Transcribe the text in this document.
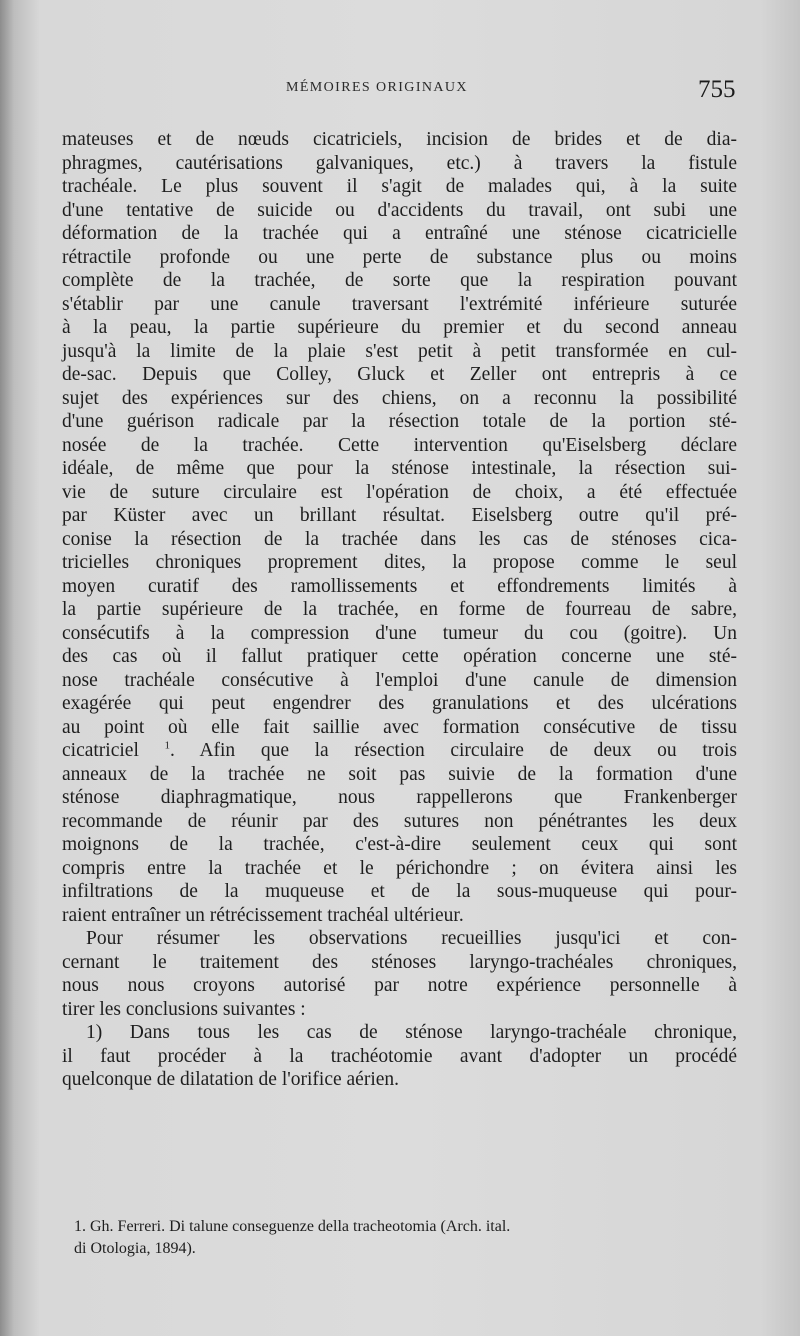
MÉMOIRES ORIGINAUX	755
mateuses et de nœuds cicatriciels, incision de brides et de dia-
phragmes, cautérisations galvaniques, etc.) à travers la fistule
trachéale. Le plus souvent il s'agit de malades qui, à la suite
d'une tentative de suicide ou d'accidents du travail, ont subi une
déformation de la trachée qui a entraîné une sténose cicatricielle
rétractile profonde ou une perte de substance plus ou moins
complète de la trachée, de sorte que la respiration pouvant
s'établir par une canule traversant l'extrémité inférieure suturée
à la peau, la partie supérieure du premier et du second anneau
jusqu'à la limite de la plaie s'est petit à petit transformée en cul-
de-sac. Depuis que Colley, Gluck et Zeller ont entrepris à ce
sujet des expériences sur des chiens, on a reconnu la possibilité
d'une guérison radicale par la résection totale de la portion sté-
nosée de la trachée. Cette intervention qu'Eiselsberg déclare
idéale, de même que pour la sténose intestinale, la résection sui-
vie de suture circulaire est l'opération de choix, a été effectuée
par Küster avec un brillant résultat. Eiselsberg outre qu'il pré-
conise la résection de la trachée dans les cas de sténoses cica-
tricielles chroniques proprement dites, la propose comme le seul
moyen curatif des ramollissements et effondrements limités à
la partie supérieure de la trachée, en forme de fourreau de sabre,
consécutifs à la compression d'une tumeur du cou (goitre). Un
des cas où il fallut pratiquer cette opération concerne une sté-
nose trachéale consécutive à l'emploi d'une canule de dimension
exagérée qui peut engendrer des granulations et des ulcérations
au point où elle fait saillie avec formation consécutive de tissu
cicatriciel $^1$. Afin que la résection circulaire de deux ou trois
anneaux de la trachée ne soit pas suivie de la formation d'une
sténose diaphragmatique, nous rappellerons que Frankenberger
recommande de réunir par des sutures non pénétrantes les deux
moignons de la trachée, c'est-à-dire seulement ceux qui sont
compris entre la trachée et le périchondre ; on évitera ainsi les
infiltrations de la muqueuse et de la sous-muqueuse qui pour-
raient entraîner un rétrécissement trachéal ultérieur.
Pour résumer les observations recueillies jusqu'ici et con-
cernant le traitement des sténoses laryngo-trachéales chroniques,
nous nous croyons autorisé par notre expérience personnelle à
tirer les conclusions suivantes :
1) Dans tous les cas de sténose laryngo-trachéale chronique,
il faut procéder à la trachéotomie avant d'adopter un procédé
quelconque de dilatation de l'orifice aérien.
1. Gh. Ferreri. Di talune conseguenze della tracheotomia (Arch. ital.
di Otologia, 1894).
